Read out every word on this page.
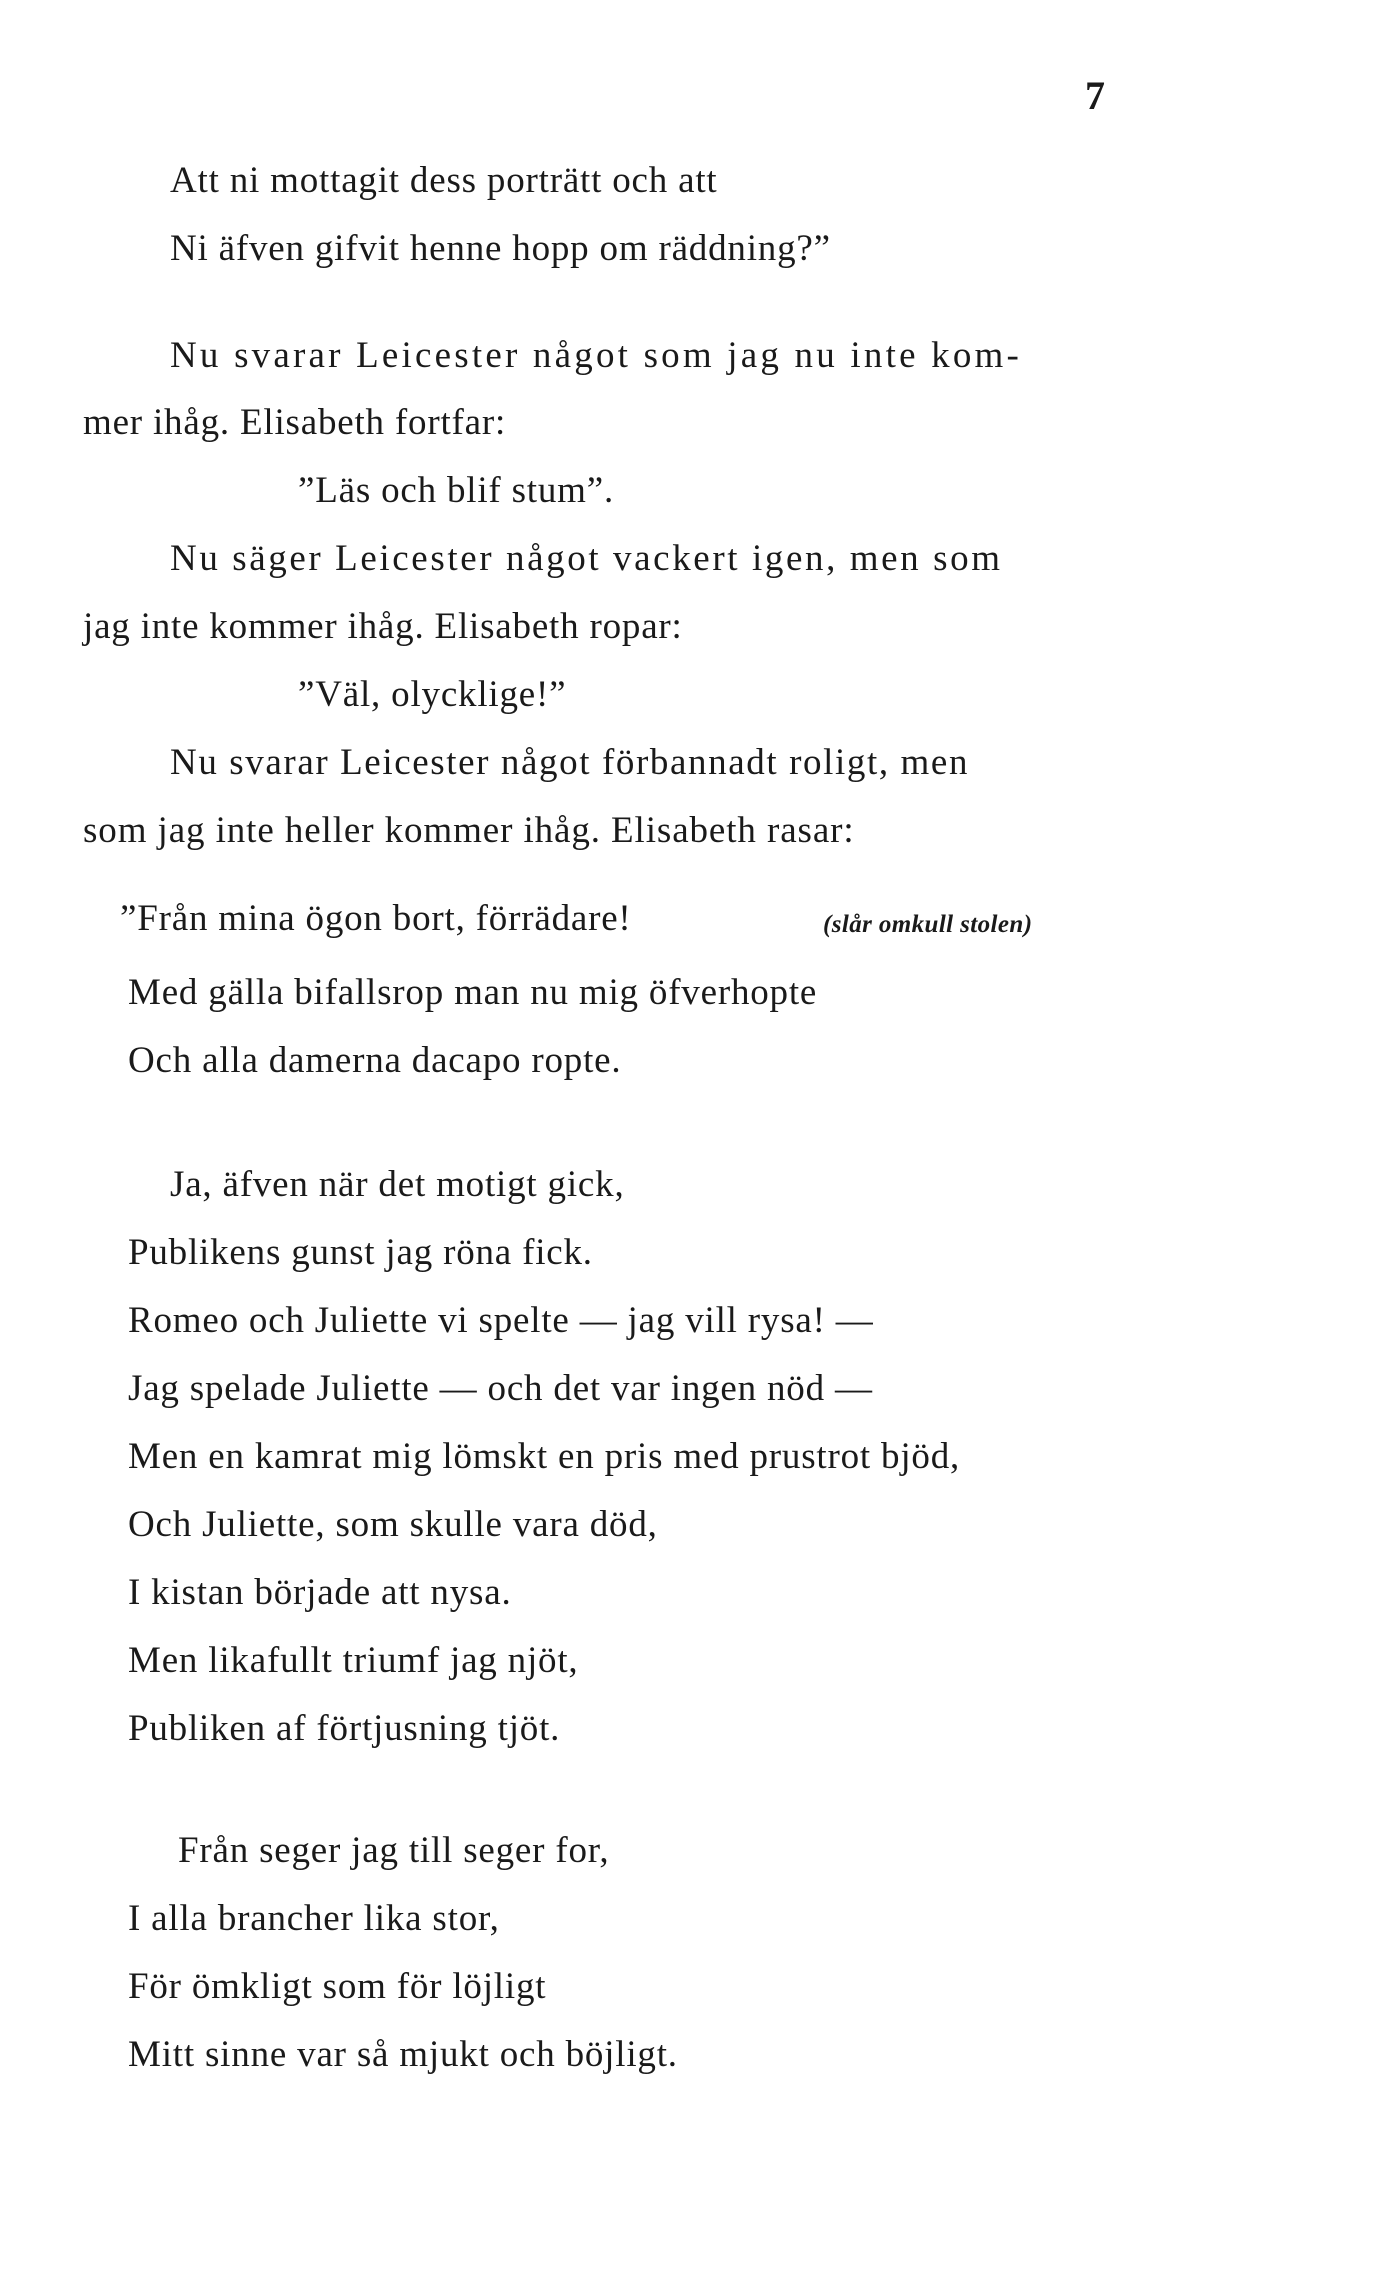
7
Att ni mottagit dess porträtt och att
Ni äfven gifvit henne hopp om räddning?”
Nu svarar Leicester något som jag nu inte kom-
mer ihåg. Elisabeth fortfar:
”Läs och blif stum”.
Nu säger Leicester något vackert igen, men som
jag inte kommer ihåg. Elisabeth ropar:
”Väl, olycklige!”
Nu svarar Leicester något förbannadt roligt, men
som jag inte heller kommer ihåg. Elisabeth rasar:
”Från mina ögon bort, förrädare!	(slår omkull stolen)
Med gälla bifallsrop man nu mig öfverhopte
Och alla damerna dacapo ropte.
Ja, äfven när det motigt gick,
Publikens gunst jag röna fick.
Romeo och Juliette vi spelte — jag vill rysa! —
Jag spelade Juliette — och det var ingen nöd —
Men en kamrat mig lömskt en pris med prustrot bjöd,
Och Juliette, som skulle vara död,
I kistan började att nysa.
Men likafullt triumf jag njöt,
Publiken af förtjusning tjöt.
Från seger jag till seger for,
I alla brancher lika stor,
För ömkligt som för löjligt
Mitt sinne var så mjukt och böjligt.
